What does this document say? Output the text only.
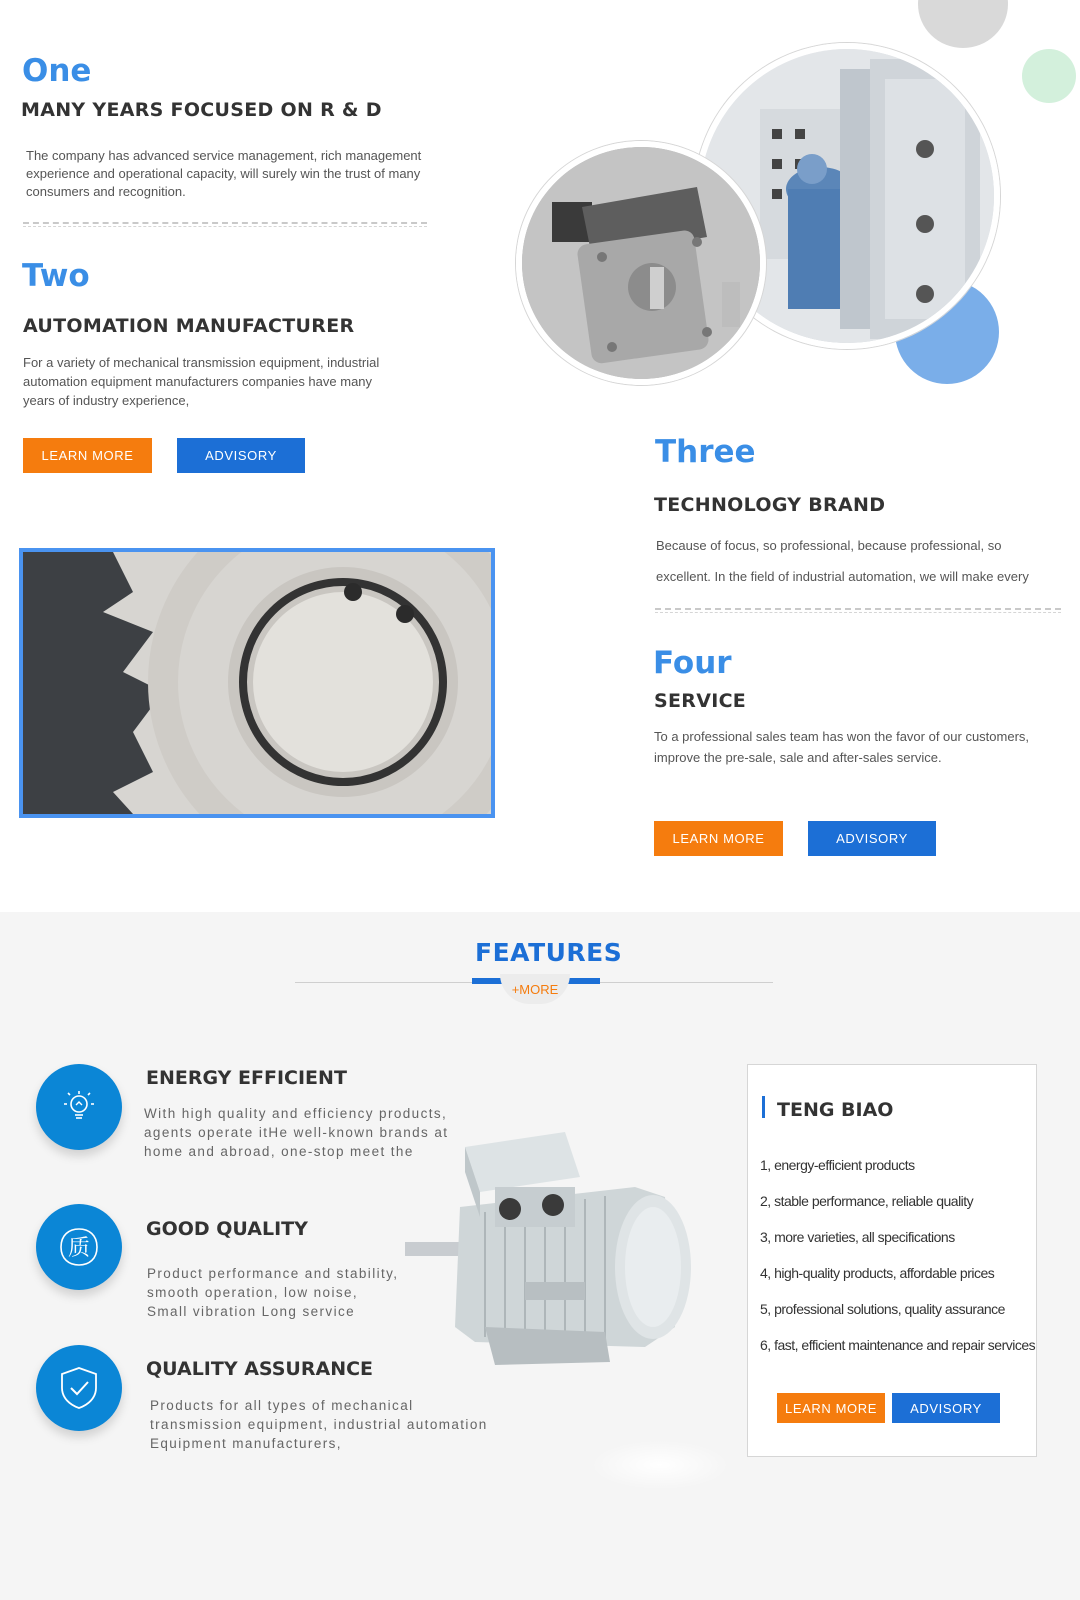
One
MANY YEARS FOCUSED ON R & D
The company has advanced service management, rich management experience and operational capacity, will surely win the trust of many consumers and recognition.
Two
AUTOMATION MANUFACTURER
For a variety of mechanical transmission equipment, industrial automation equipment manufacturers companies have many years of industry experience,
LEARN MORE	ADVISORY	Three
TECHNOLOGY BRAND
Because of focus, so professional, because professional, so
excellent. In the field of industrial automation, we will make every
Four
SERVICE
To a professional sales team has won the favor of our customers, improve the pre-sale, sale and after-sales service.
LEARN MORE	ADVISORY
FEATURES
+MORE
ENERGY EFFICIENT
With high quality and efficiency products,
agents operate itHe well-known brands at
home and abroad, one-stop meet the
质
GOOD QUALITY
Product performance and stability,
smooth operation, low noise,
Small vibration Long service
QUALITY ASSURANCE
Products for all types of mechanical
transmission equipment, industrial automation
Equipment manufacturers,
TENG BIAO
1, energy-efficient products
2, stable performance, reliable quality
3, more varieties, all specifications
4, high-quality products, affordable prices
5, professional solutions, quality assurance
6, fast, efficient maintenance and repair services
LEARN MORE	ADVISORY
